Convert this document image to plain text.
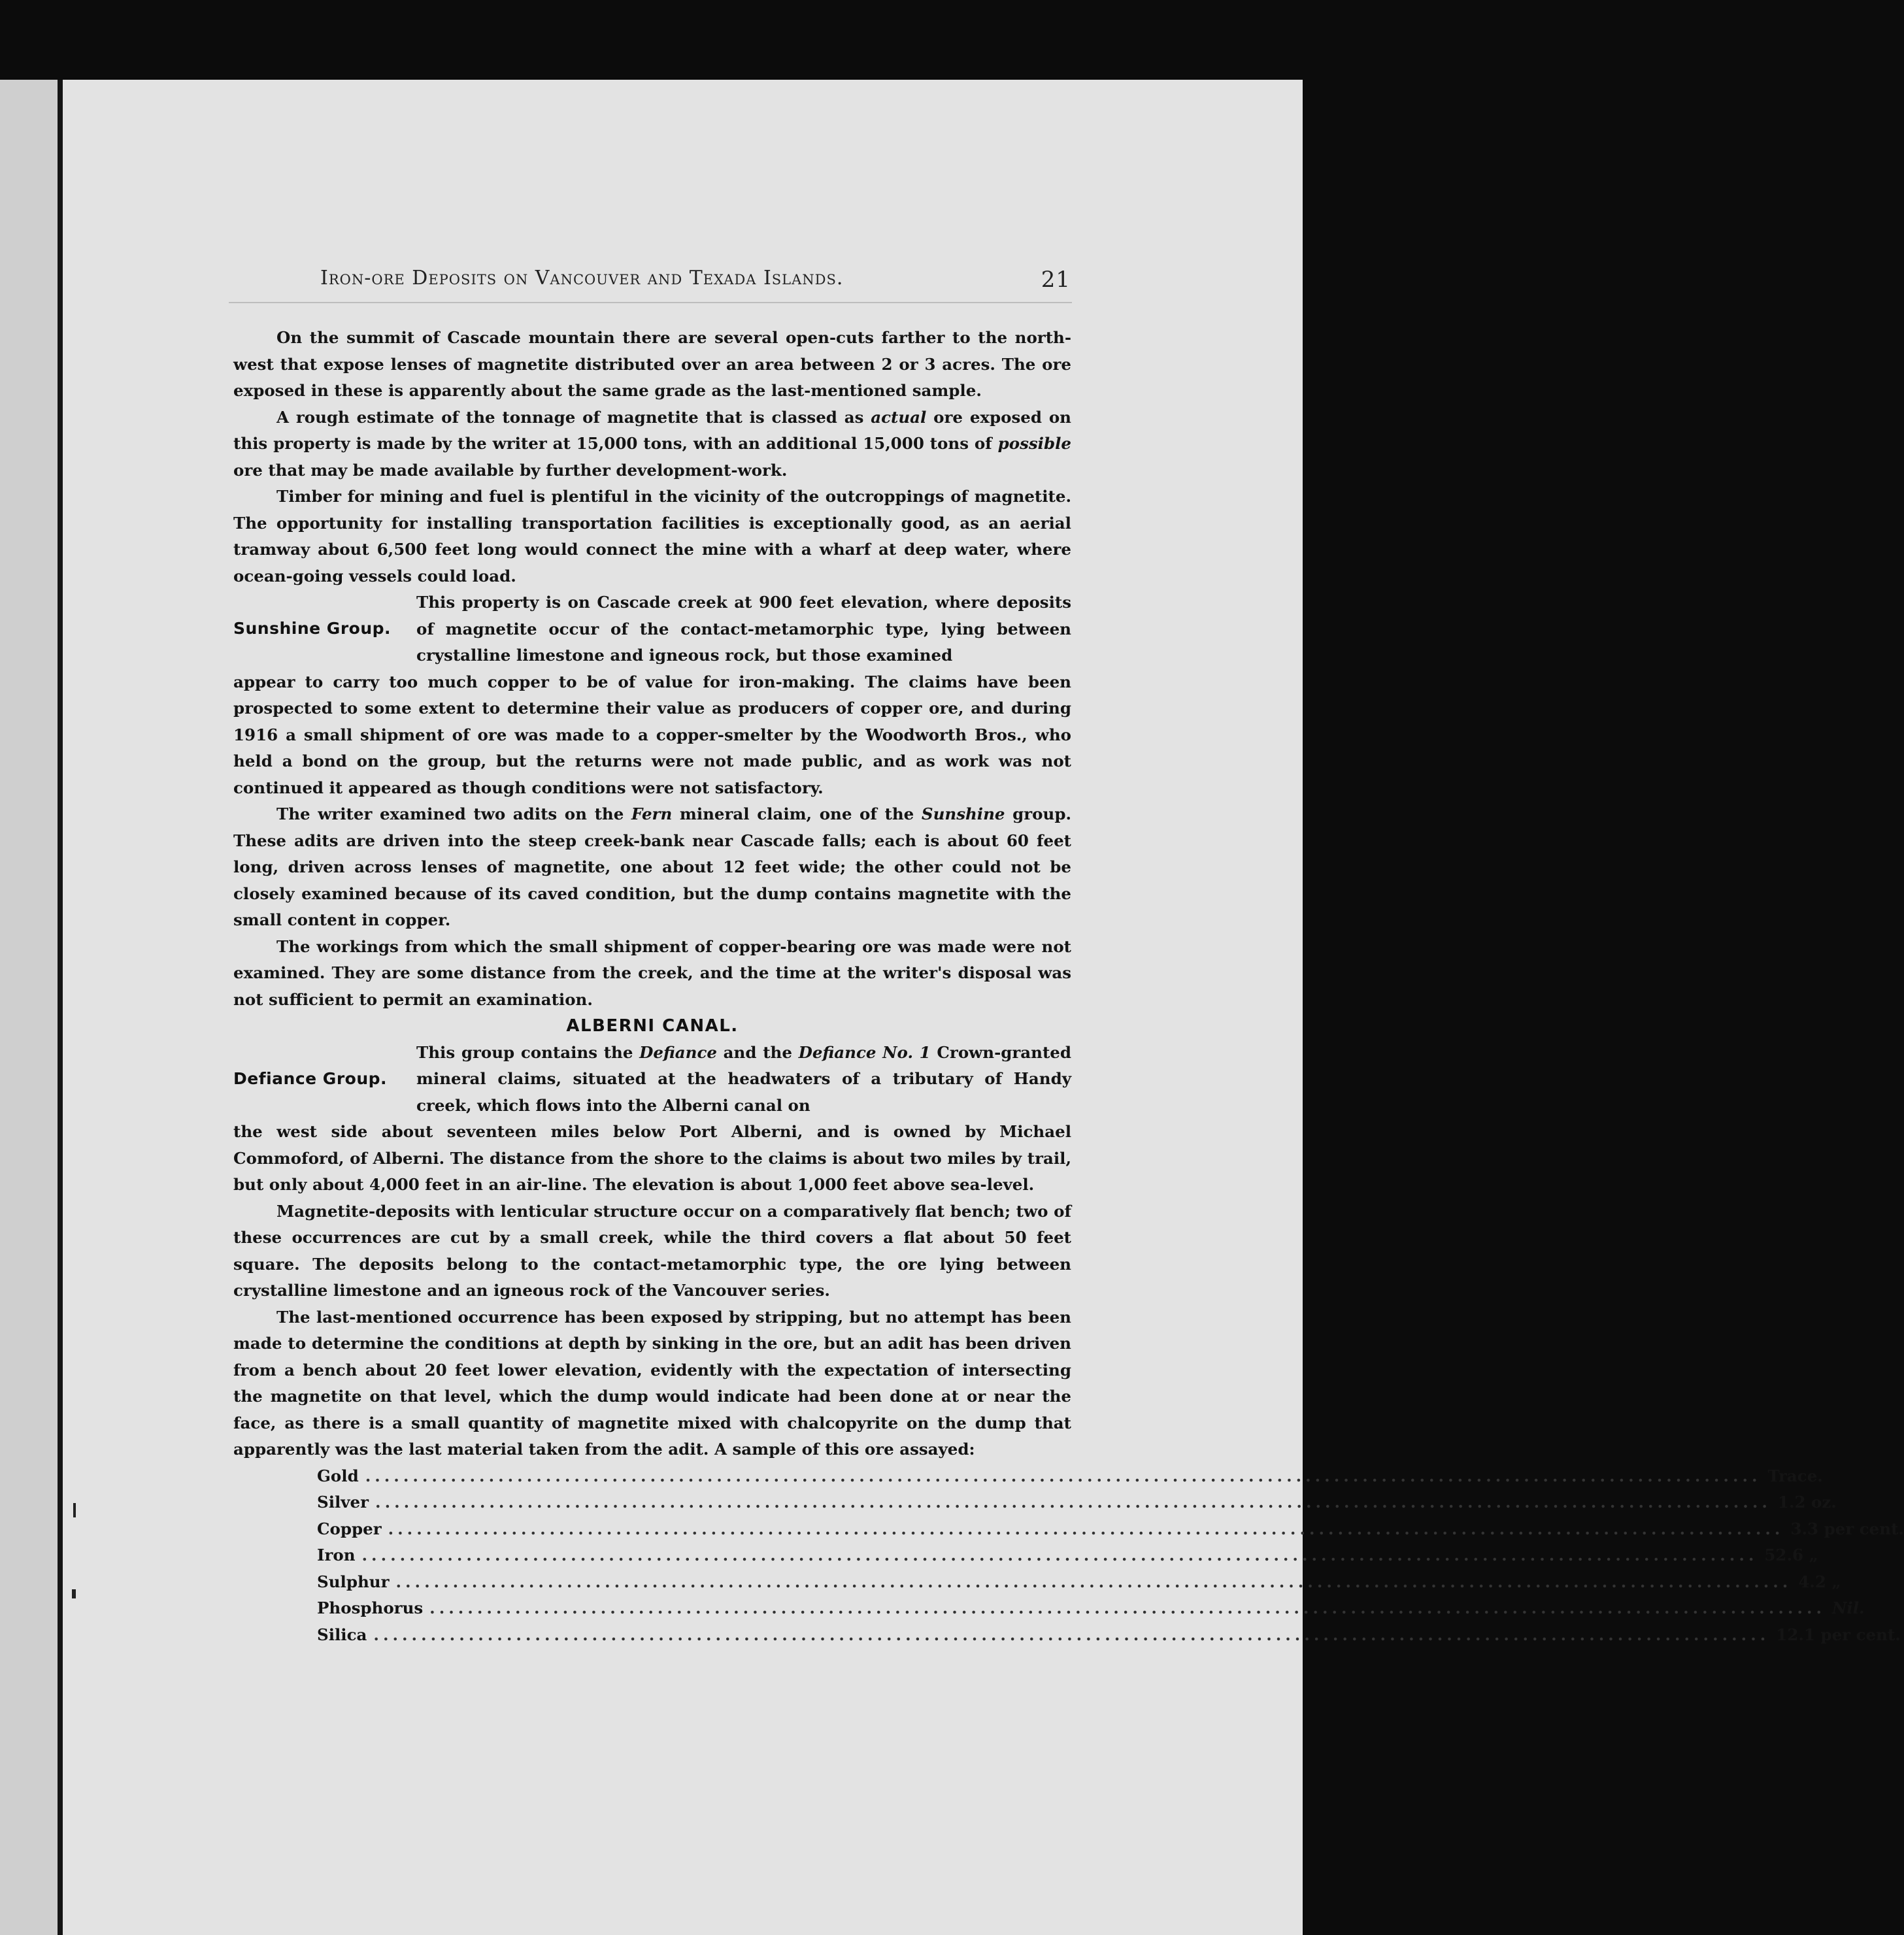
Iron-ore Deposits on Vancouver and Texada Islands.	21

On the summit of Cascade mountain there are several open-cuts farther to the north-west that expose lenses of magnetite distributed over an area between 2 or 3 acres. The ore exposed in these is apparently about the same grade as the last-mentioned sample.

A rough estimate of the tonnage of magnetite that is classed as actual ore exposed on this property is made by the writer at 15,000 tons, with an additional 15,000 tons of possible ore that may be made available by further development-work.

Timber for mining and fuel is plentiful in the vicinity of the outcroppings of magnetite. The opportunity for installing transportation facilities is exceptionally good, as an aerial tramway about 6,500 feet long would connect the mine with a wharf at deep water, where ocean-going vessels could load.

Sunshine Group.

This property is on Cascade creek at 900 feet elevation, where deposits of magnetite occur of the contact-metamorphic type, lying between crystalline limestone and igneous rock, but those examined

appear to carry too much copper to be of value for iron-making. The claims have been prospected to some extent to determine their value as producers of copper ore, and during 1916 a small shipment of ore was made to a copper-smelter by the Woodworth Bros., who held a bond on the group, but the returns were not made public, and as work was not continued it appeared as though conditions were not satisfactory.

The writer examined two adits on the Fern mineral claim, one of the Sunshine group. These adits are driven into the steep creek-bank near Cascade falls; each is about 60 feet long, driven across lenses of magnetite, one about 12 feet wide; the other could not be closely examined because of its caved condition, but the dump contains magnetite with the small content in copper.

The workings from which the small shipment of copper-bearing ore was made were not examined. They are some distance from the creek, and the time at the writer's disposal was not sufficient to permit an examination.

ALBERNI CANAL.

Defiance Group.

This group contains the Defiance and the Defiance No. 1 Crown-granted mineral claims, situated at the headwaters of a tributary of Handy creek, which flows into the Alberni canal on

the west side about seventeen miles below Port Alberni, and is owned by Michael Commoford, of Alberni. The distance from the shore to the claims is about two miles by trail, but only about 4,000 feet in an air-line. The elevation is about 1,000 feet above sea-level.

Magnetite-deposits with lenticular structure occur on a comparatively flat bench; two of these occurrences are cut by a small creek, while the third covers a flat about 50 feet square. The deposits belong to the contact-metamorphic type, the ore lying between crystalline limestone and an igneous rock of the Vancouver series.

The last-mentioned occurrence has been exposed by stripping, but no attempt has been made to determine the conditions at depth by sinking in the ore, but an adit has been driven from a bench about 20 feet lower elevation, evidently with the expectation of intersecting the magnetite on that level, which the dump would indicate had been done at or near the face, as there is a small quantity of magnetite mixed with chalcopyrite on the dump that apparently was the last material taken from the adit. A sample of this ore assayed:

Gold ................................................................................................................................................... Trace.
Silver ................................................................................................................................................... 1.2 oz.
Copper ................................................................................................................................................... 3.3 per cent.
Iron ................................................................................................................................................... 52.6 „
Sulphur ................................................................................................................................................... 4.2 „
Phosphorus ................................................................................................................................................... Nil.
Silica ................................................................................................................................................... 12.1 per cent.
